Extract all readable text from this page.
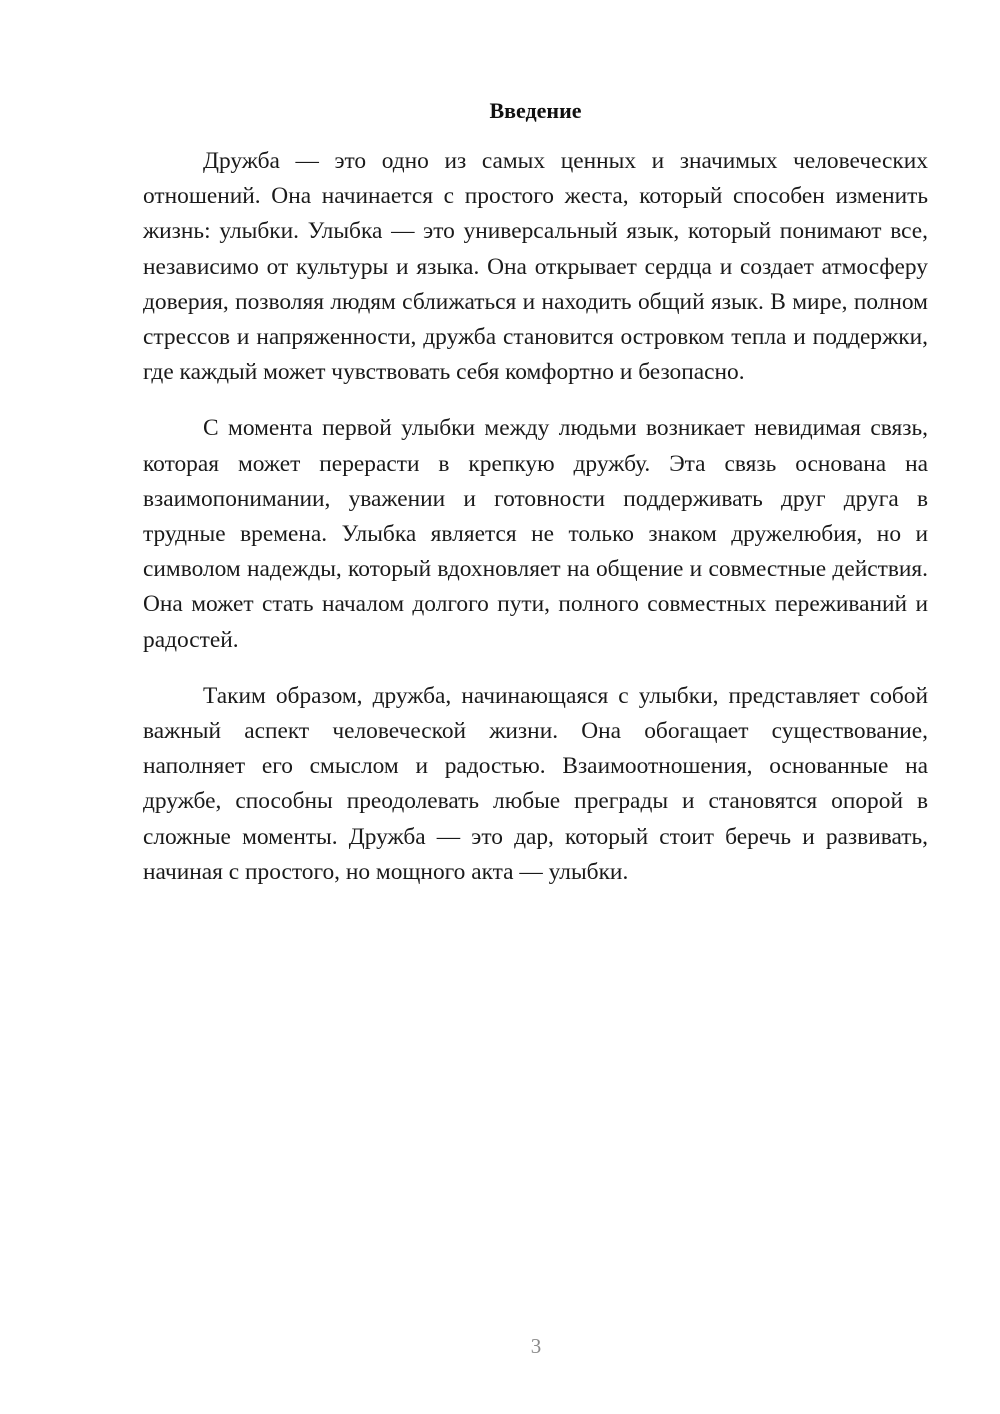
Введение

Дружба — это одно из самых ценных и значимых человеческих отношений. Она начинается с простого жеста, который способен изменить жизнь: улыбки. Улыбка — это универсальный язык, который понимают все, независимо от культуры и языка. Она открывает сердца и создает атмосферу доверия, позволяя людям сближаться и находить общий язык. В мире, полном стрессов и напряженности, дружба становится островком тепла и поддержки, где каждый может чувствовать себя комфортно и безопасно.

С момента первой улыбки между людьми возникает невидимая связь, которая может перерасти в крепкую дружбу. Эта связь основана на взаимопонимании, уважении и готовности поддерживать друг друга в трудные времена. Улыбка является не только знаком дружелюбия, но и символом надежды, который вдохновляет на общение и совместные действия. Она может стать началом долгого пути, полного совместных переживаний и радостей.

Таким образом, дружба, начинающаяся с улыбки, представляет собой важный аспект человеческой жизни. Она обогащает существование, наполняет его смыслом и радостью. Взаимоотношения, основанные на дружбе, способны преодолевать любые преграды и становятся опорой в сложные моменты. Дружба — это дар, который стоит беречь и развивать, начиная с простого, но мощного акта — улыбки.

3
